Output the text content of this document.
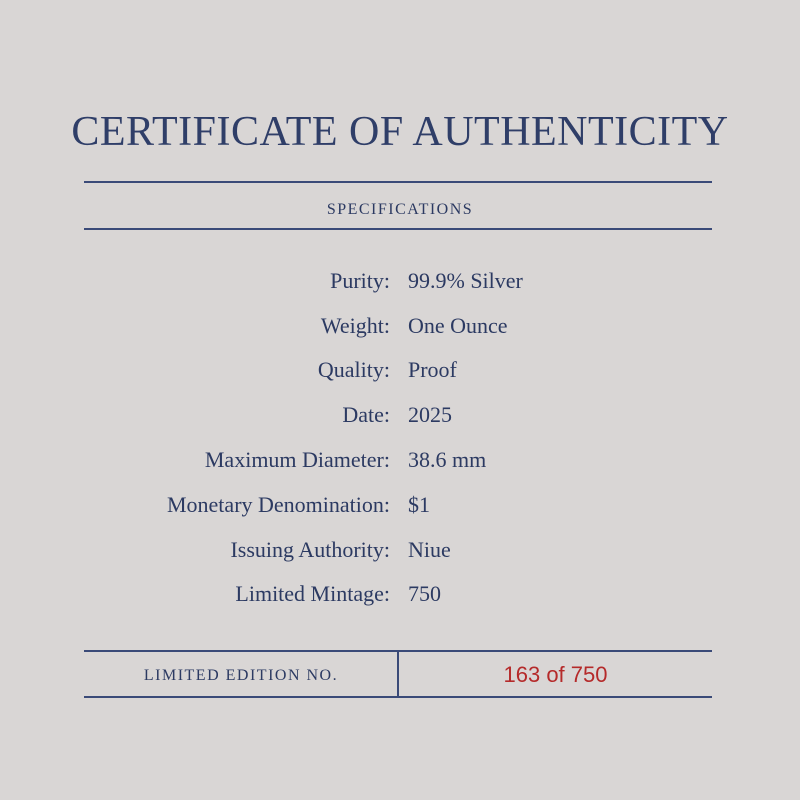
CERTIFICATE OF AUTHENTICITY
SPECIFICATIONS
Purity: 99.9% Silver
Weight: One Ounce
Quality: Proof
Date: 2025
Maximum Diameter: 38.6 mm
Monetary Denomination: $1
Issuing Authority: Niue
Limited Mintage: 750
LIMITED EDITION NO.	163 of 750
